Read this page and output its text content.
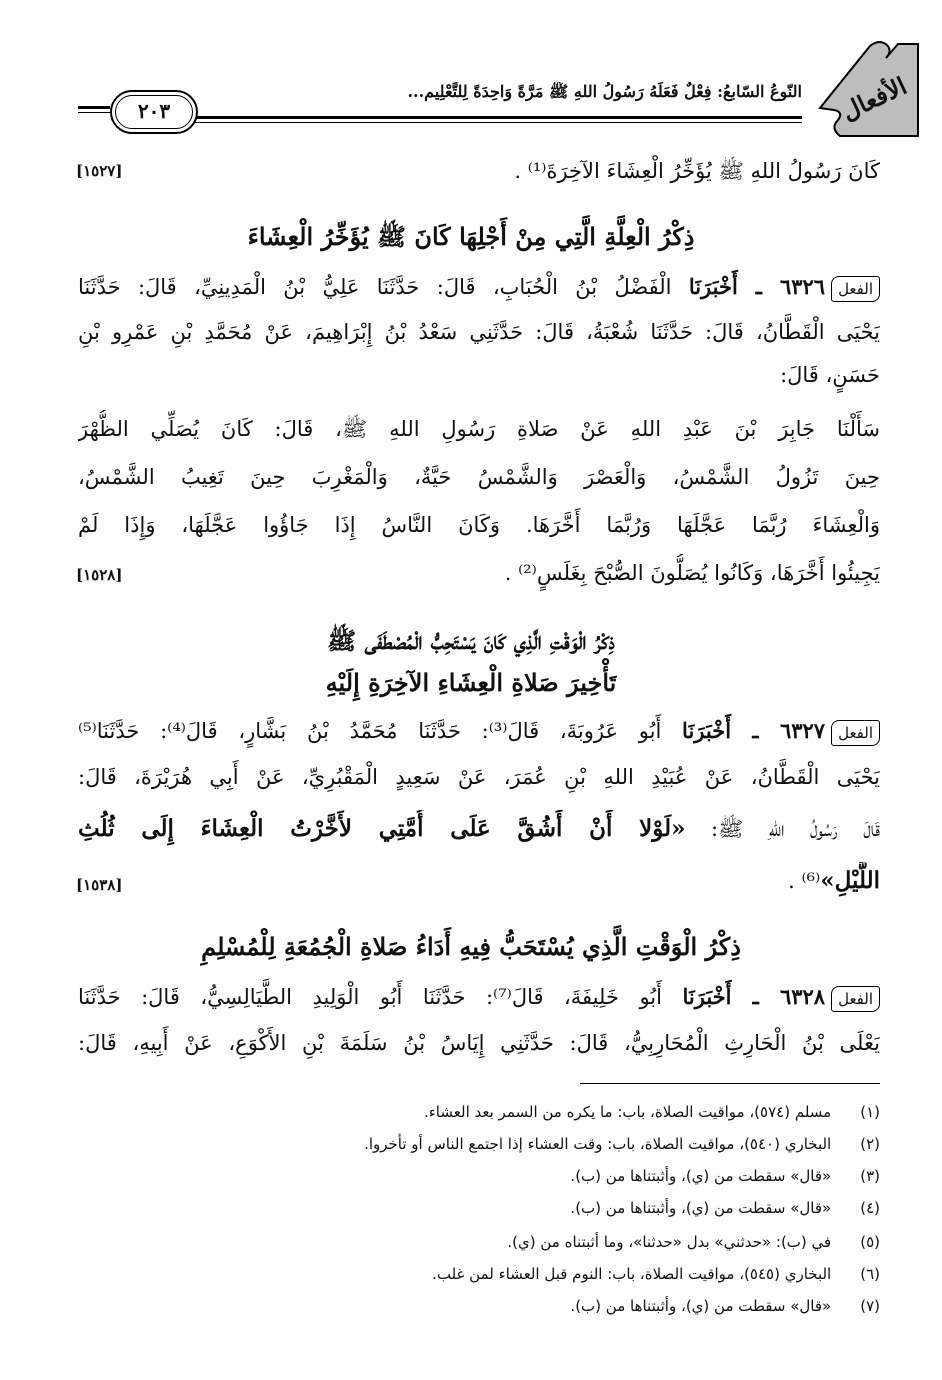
الأفعال
النّوعُ السّابعُ: فِعْلٌ فَعَلَهُ رَسُولُ اللهِ ﷺ مَرَّةً وَاحِدَةً لِلتَّعْلِيم...
٢٠٣
كَانَ رَسُولُ اللهِ ﷺ يُؤَخِّرُ الْعِشَاءَ الآخِرَةَ⁽¹⁾ .
[١٥٢٧]
ذِكْرُ الْعِلَّةِ الَّتِي مِنْ أَجْلِهَا كَانَ ﷺ يُؤَخِّرُ الْعِشَاءَ
الفعل٦٣٢٦ ـ أَخْبَرَنَا الْفَضْلُ بْنُ الْحُبَابِ، قَالَ: حَدَّثَنَا عَلِيُّ بْنُ الْمَدِينِيِّ، قَالَ: حَدَّثَنَا
يَحْيَى الْقَطَّانُ، قَالَ: حَدَّثَنَا شُعْبَةُ، قَالَ: حَدَّثَنِي سَعْدُ بْنُ إِبْرَاهِيمَ، عَنْ مُحَمَّدِ بْنِ عَمْرِو بْنِ
حَسَنٍ، قَالَ:
سَأَلْنَا جَابِرَ بْنَ عَبْدِ اللهِ عَنْ صَلاةِ رَسُولِ اللهِ ﷺ، قَالَ: كَانَ يُصَلِّي الظُّهْرَ
حِينَ تَزُولُ الشَّمْسُ، وَالْعَصْرَ وَالشَّمْسُ حَيَّةٌ، وَالْمَغْرِبَ حِينَ تَغِيبُ الشَّمْسُ،
وَالْعِشَاءَ رُبَّمَا عَجَّلَهَا وَرُبَّمَا أَخَّرَهَا. وَكَانَ النَّاسُ إِذَا جَاؤُوا عَجَّلَهَا، وَإِذَا لَمْ
يَجِيئُوا أَخَّرَهَا، وَكَانُوا يُصَلُّونَ الصُّبْحَ بِغَلَسٍ⁽²⁾ .
[١٥٢٨]
ذِكْرُ الْوَقْتِ الَّذِي كَانَ يَسْتَحِبُّ الْمُصْطَفَى ﷺ
تَأْخِيرَ صَلاةِ الْعِشَاءِ الآخِرَةِ إِلَيْهِ
الفعل٦٣٢٧ ـ أَخْبَرَنَا أَبُو عَرُوبَةَ، قَالَ⁽³⁾: حَدَّثَنَا مُحَمَّدُ بْنُ بَشَّارٍ، قَالَ⁽⁴⁾: حَدَّثَنَا⁽⁵⁾
يَحْيَى الْقَطَّانُ، عَنْ عُبَيْدِ اللهِ بْنِ عُمَرَ، عَنْ سَعِيدٍ الْمَقْبُرِيِّ، عَنْ أَبِي هُرَيْرَةَ، قَالَ:
قَالَ رَسُولُ اللهِ ﷺ: «لَوْلا أَنْ أَشُقَّ عَلَى أُمَّتِي لأَخَّرْتُ الْعِشَاءَ إِلَى ثُلُثِ
اللَّيْلِ»⁽⁶⁾ .
[١٥٣٨]
ذِكْرُ الْوَقْتِ الَّذِي يُسْتَحَبُّ فِيهِ أَدَاءُ صَلاةِ الْجُمُعَةِ لِلْمُسْلِمِ
الفعل٦٣٢٨ ـ أَخْبَرَنَا أَبُو خَلِيفَةَ، قَالَ⁽⁷⁾: حَدَّثَنَا أَبُو الْوَلِيدِ الطَّيَالِسِيُّ، قَالَ: حَدَّثَنَا
يَعْلَى بْنُ الْحَارِثِ الْمُحَارِبِيُّ، قَالَ: حَدَّثَنِي إِيَاسُ بْنُ سَلَمَةَ بْنِ الأَكْوَعِ، عَنْ أَبِيهِ، قَالَ:
(١) مسلم (٥٧٤)، مواقيت الصلاة، باب: ما يكره من السمر بعد العشاء.
(٢) البخاري (٥٤٠)، مواقيت الصلاة، باب: وقت العشاء إذا اجتمع الناس أو تأخروا.
(٣) «قال» سقطت من (ي)، وأثبتناها من (ب).
(٤) «قال» سقطت من (ي)، وأثبتناها من (ب).
(٥) في (ب): «حدثني» بدل «حدثنا»، وما أثبتناه من (ي).
(٦) البخاري (٥٤٥)، مواقيت الصلاة، باب: النوم قبل العشاء لمن غلب.
(٧) «قال» سقطت من (ي)، وأثبتناها من (ب).
